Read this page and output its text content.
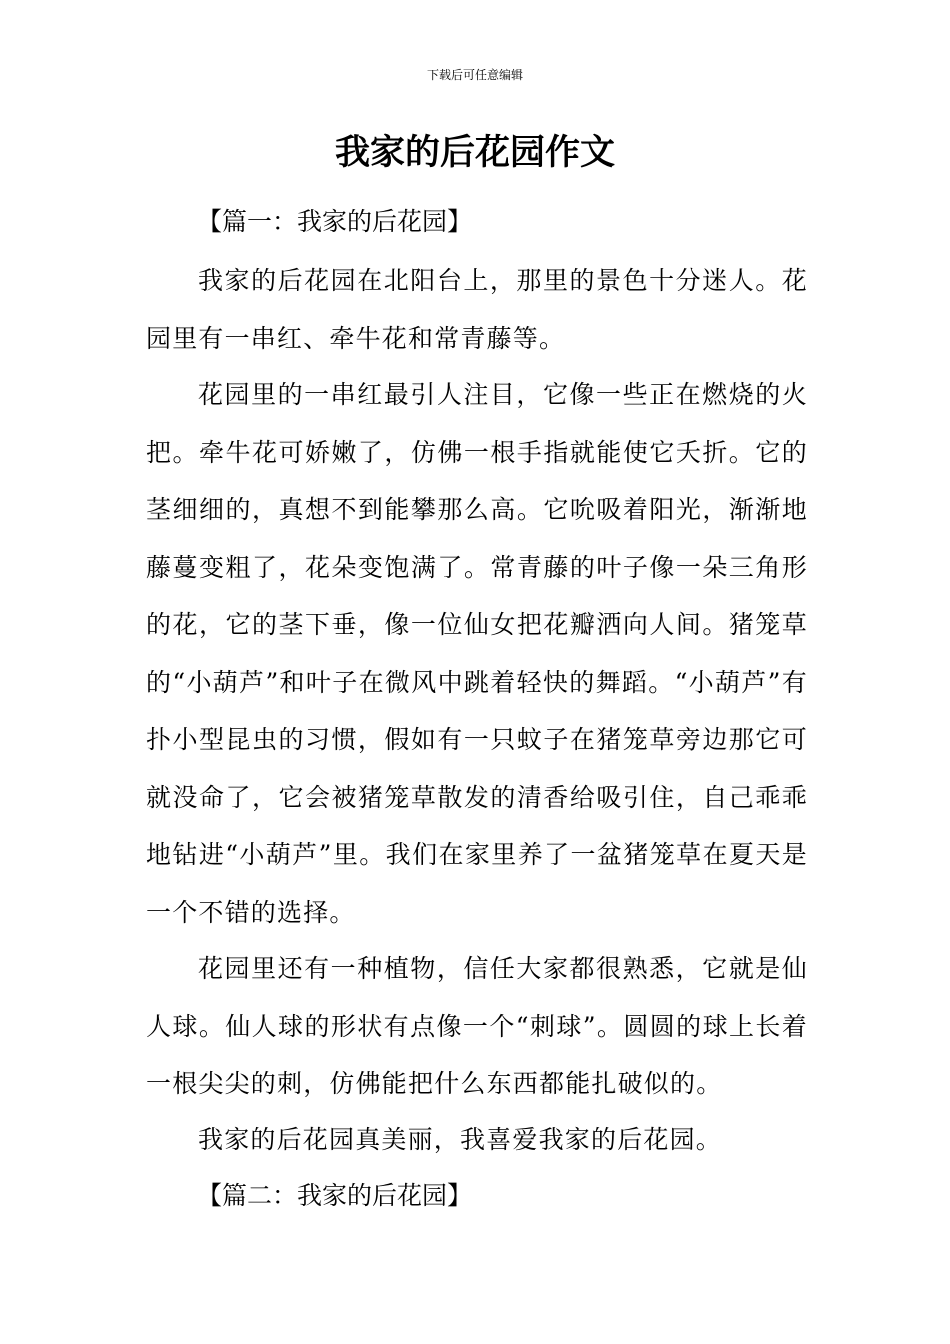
下载后可任意编辑
我家的后花园作文
【篇一：我家的后花园】

我家的后花园在北阳台上，那里的景色十分迷人。花园里有一串红、牵牛花和常青藤等。

花园里的一串红最引人注目，它像一些正在燃烧的火把。牵牛花可娇嫩了，仿佛一根手指就能使它夭折。它的茎细细的，真想不到能攀那么高。它吮吸着阳光，渐渐地藤蔓变粗了，花朵变饱满了。常青藤的叶子像一朵三角形的花，它的茎下垂，像一位仙女把花瓣洒向人间。猪笼草的“小葫芦”和叶子在微风中跳着轻快的舞蹈。“小葫芦”有扑小型昆虫的习惯，假如有一只蚊子在猪笼草旁边那它可就没命了，它会被猪笼草散发的清香给吸引住，自己乖乖地钻进“小葫芦”里。我们在家里养了一盆猪笼草在夏天是一个不错的选择。

花园里还有一种植物，信任大家都很熟悉，它就是仙人球。仙人球的形状有点像一个“刺球”。圆圆的球上长着一根尖尖的刺，仿佛能把什么东西都能扎破似的。

我家的后花园真美丽，我喜爱我家的后花园。

【篇二：我家的后花园】
